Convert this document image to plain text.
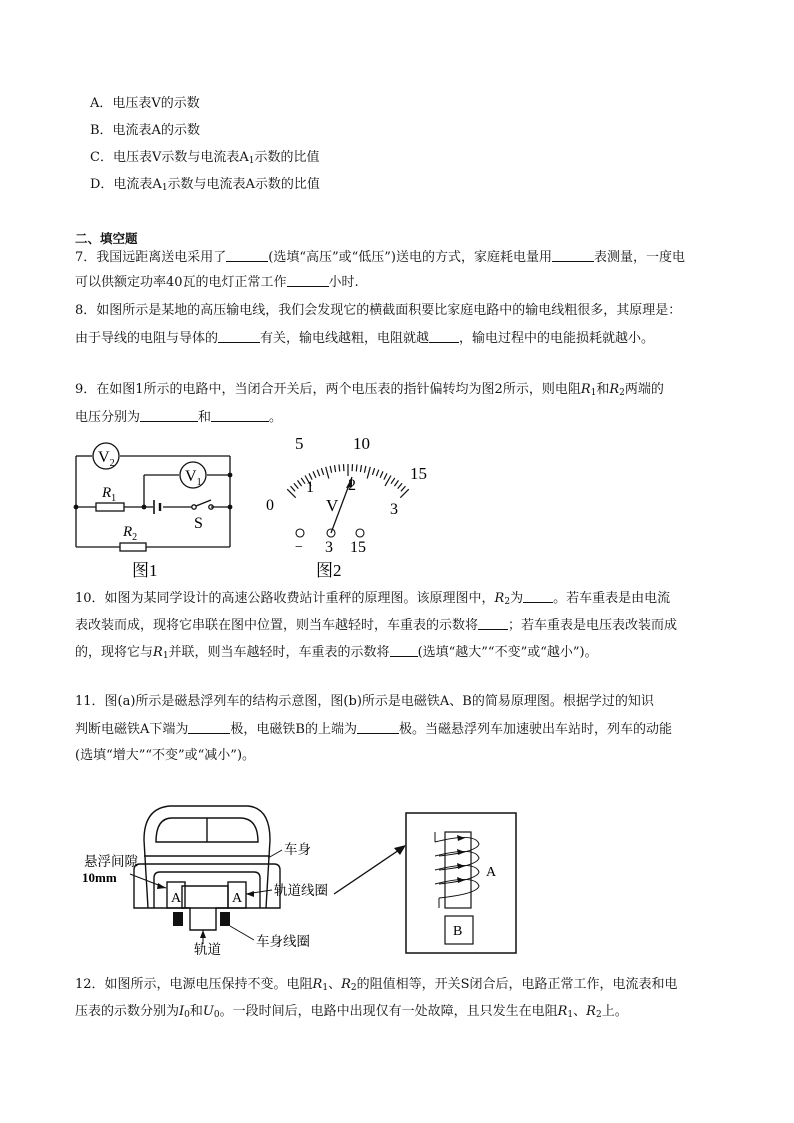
A．电压表V的示数
B．电流表A的示数
C．电压表V示数与电流表$A_1$示数的比值
D．电流表$A_1$示数与电流表A示数的比值
二、填空题
7．我国远距离送电采用了	(选填“高压”或“低压”)送电的方式，家庭耗电量用	表测量，一度电
可以供额定功率40瓦的电灯正常工作	小时.
8．如图所示是某地的高压输电线，我们会发现它的横截面积要比家庭电路中的输电线粗很多，其原理是：
由于导线的电阻与导体的	有关，输电线越粗，电阻就越 ，输电过程中的电能损耗就越小。
9．在如图1所示的电路中，当闭合开关后，两个电压表的指针偏转均为图2所示，则电阻$R_1$和$R_2$两端的
电压分别为	和	。
$V_2$
$V_1$
$R_1$
$R_2$
S
图1
5	10
15
0
1 2
3
V
− 3 15
图2
10．如图为某同学设计的高速公路收费站计重秤的原理图。该原理图中，$R_2$为 。若车重表是由电流
表改装而成，现将它串联在图中位置，则当车越轻时，车重表的示数将 ；若车重表是电压表改装而成
的，现将它与$R_1$并联，则当车越轻时，车重表的示数将 (选填“越大”“不变”或“越小”)。
11．图(a)所示是磁悬浮列车的结构示意图，图(b)所示是电磁铁A、B的简易原理图。根据学过的知识
判断电磁铁A下端为	极，电磁铁B的上端为	极。当磁悬浮列车加速驶出车站时，列车的动能
(选填“增大”“不变”或“减小”)。
A	A
悬浮间隙
10mm
车身
轨道线圈
轨道
车身线圈
A
B
12．如图所示，电源电压保持不变。电阻$R_1$、$R_2$的阻值相等，开关S闭合后，电路正常工作，电流表和电
压表的示数分别为$I_0$和$U_0$。一段时间后，电路中出现仅有一处故障，且只发生在电阻$R_1$、$R_2$上。
